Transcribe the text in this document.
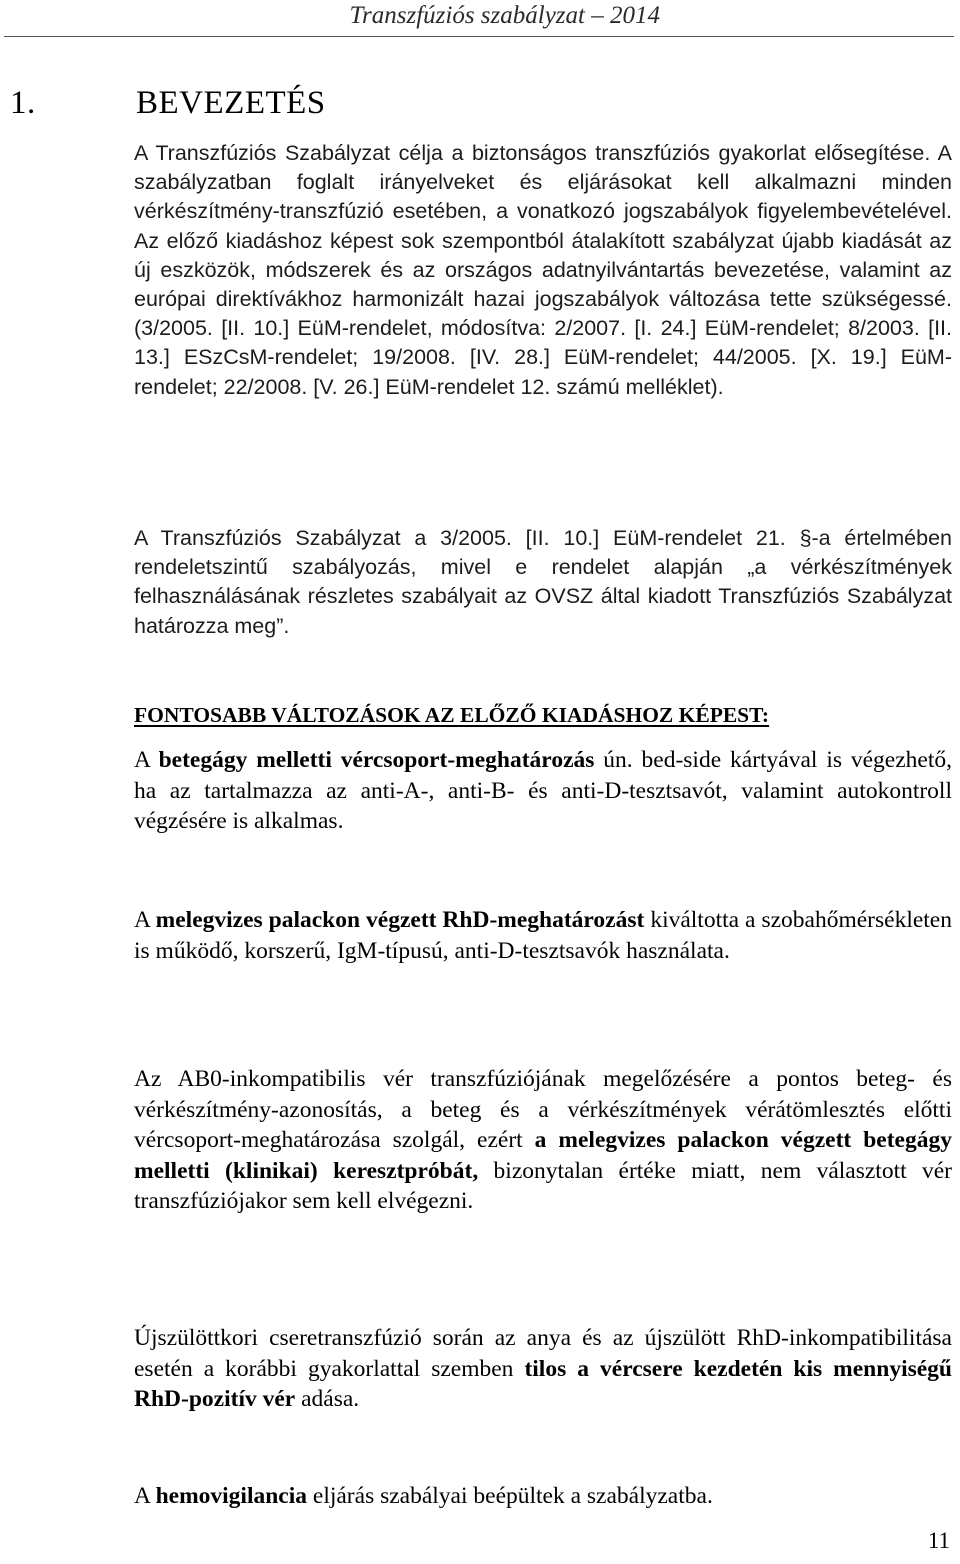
Transzfúziós szabályzat – 2014
1.	BEVEZETÉS

A Transzfúziós Szabályzat célja a biztonságos transzfúziós gyakorlat elősegítése. A szabályzatban foglalt irányelveket és eljárásokat kell alkalmazni minden vérkészítmény-transzfúzió esetében, a vonatkozó jogszabályok figyelembevételével. Az előző kiadáshoz képest sok szempontból átalakított szabályzat újabb kiadását az új eszközök, módszerek és az országos adatnyilvántartás bevezetése, valamint az európai direktívákhoz harmonizált hazai jogszabályok változása tette szükségessé. (3/2005. [II. 10.] EüM-rendelet, módosítva: 2/2007. [I. 24.] EüM-rendelet; 8/2003. [II. 13.] ESzCsM-rendelet; 19/2008. [IV. 28.] EüM-rendelet; 44/2005. [X. 19.] EüM-rendelet; 22/2008. [V. 26.] EüM-rendelet 12. számú melléklet).

A Transzfúziós Szabályzat a 3/2005. [II. 10.] EüM-rendelet 21. §-a értelmében rendeletszintű szabályozás, mivel e rendelet alapján „a vérkészítmények felhasználásának részletes szabályait az OVSZ által kiadott Transzfúziós Szabályzat határozza meg”.

FONTOSABB VÁLTOZÁSOK AZ ELŐZŐ KIADÁSHOZ KÉPEST:

A betegágy melletti vércsoport-meghatározás ún. bed-side kártyával is végezhető, ha az tartalmazza az anti-A-, anti-B- és anti-D-tesztsavót, valamint autokontroll végzésére is alkalmas.

A melegvizes palackon végzett RhD-meghatározást kiváltotta a szobahőmérsékleten is működő, korszerű, IgM-típusú, anti-D-tesztsavók használata.

Az AB0-inkompatibilis vér transzfúziójának megelőzésére a pontos beteg- és vérkészítmény-azonosítás, a beteg és a vérkészítmények vérátömlesztés előtti vércsoport-meghatározása szolgál, ezért a melegvizes palackon végzett betegágy melletti (klinikai) keresztpróbát, bizonytalan értéke miatt, nem választott vér transzfúziójakor sem kell elvégezni.

Újszülöttkori cseretranszfúzió során az anya és az újszülött RhD-inkompatibilitása esetén a korábbi gyakorlattal szemben tilos a vércsere kezdetén kis mennyiségű RhD-pozitív vér adása.

A hemovigilancia eljárás szabályai beépültek a szabályzatba.

11
